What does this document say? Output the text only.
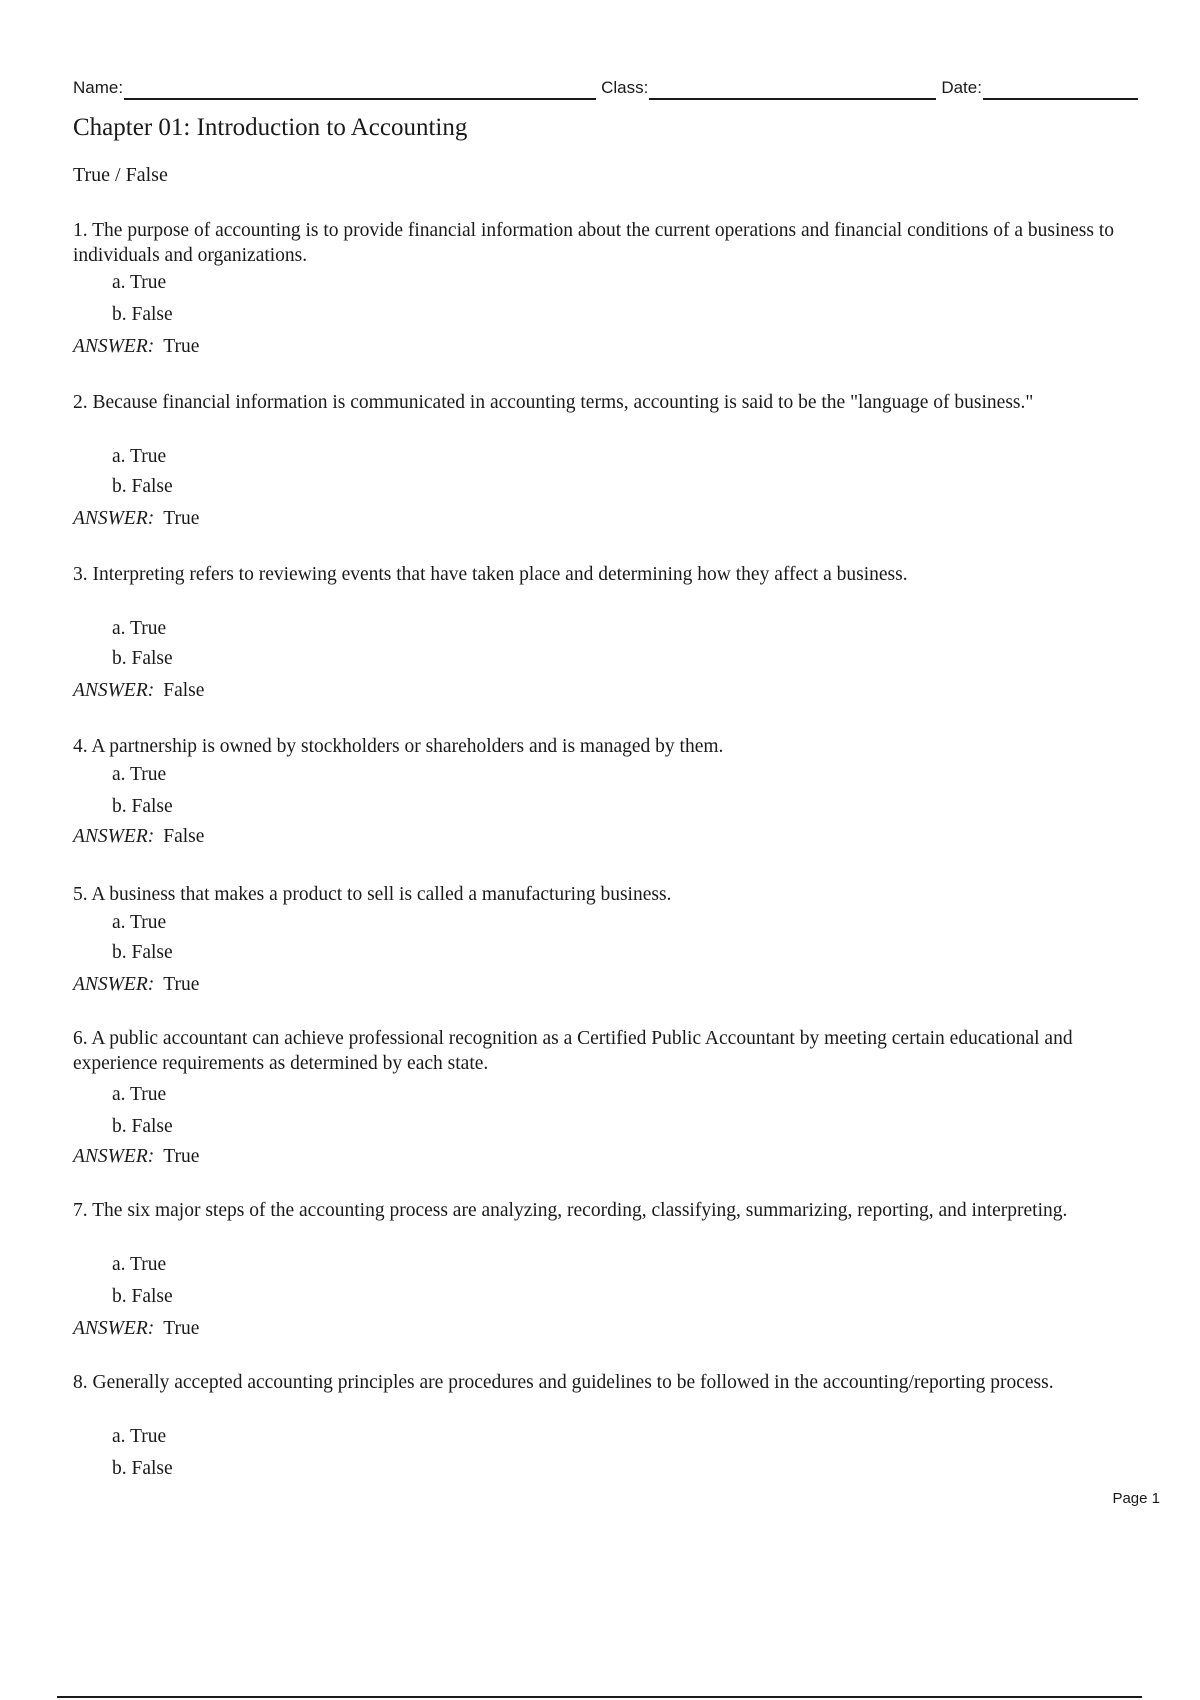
Name:	Class:	Date:
Chapter 01: Introduction to Accounting
True / False
1. The purpose of accounting is to provide financial information about the current operations and financial conditions of a business to individuals and organizations.
a. True
b. False
ANSWER: True
2. Because financial information is communicated in accounting terms, accounting is said to be the "language of business."
a. True
b. False
ANSWER: True
3. Interpreting refers to reviewing events that have taken place and determining how they affect a business.
a. True
b. False
ANSWER: False
4. A partnership is owned by stockholders or shareholders and is managed by them.
a. True
b. False
ANSWER: False
5. A business that makes a product to sell is called a manufacturing business.
a. True
b. False
ANSWER: True
6. A public accountant can achieve professional recognition as a Certified Public Accountant by meeting certain educational and experience requirements as determined by each state.
a. True
b. False
ANSWER: True
7. The six major steps of the accounting process are analyzing, recording, classifying, summarizing, reporting, and interpreting.
a. True
b. False
ANSWER: True
8. Generally accepted accounting principles are procedures and guidelines to be followed in the accounting/reporting process.
a. True
b. False
Page 1
